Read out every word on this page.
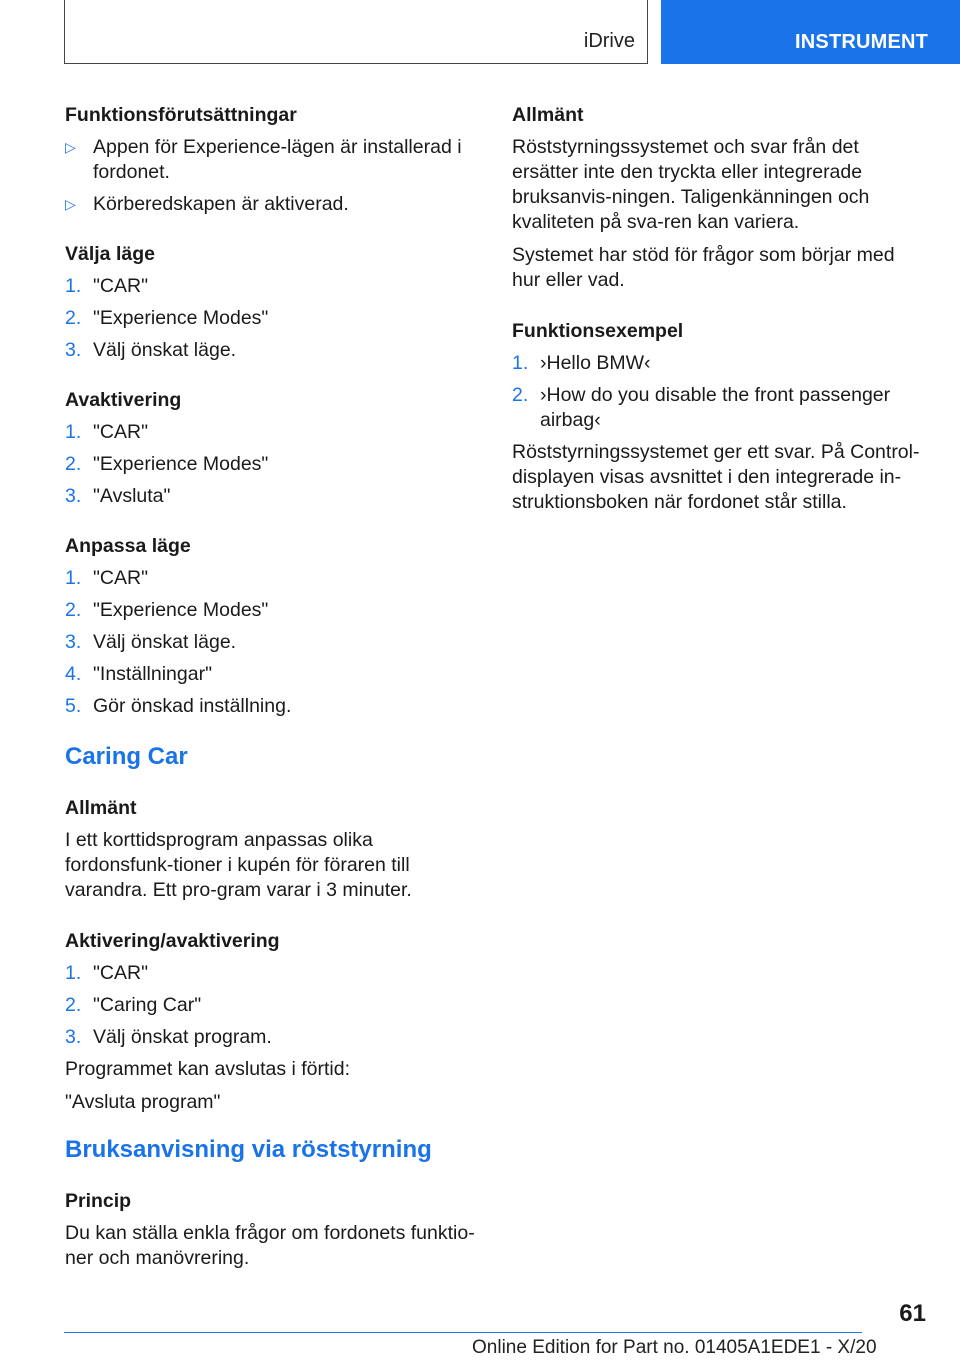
iDrive	INSTRUMENT
Funktionsförutsättningar
▷ Appen för Experience-lägen är installerad i fordonet.
▷ Körberedskapen är aktiverad.
Välja läge
1. "CAR"
2. "Experience Modes"
3. Välj önskat läge.
Avaktivering
1. "CAR"
2. "Experience Modes"
3. "Avsluta"
Anpassa läge
1. "CAR"
2. "Experience Modes"
3. Välj önskat läge.
4. "Inställningar"
5. Gör önskad inställning.
Caring Car
Allmänt

I ett korttidsprogram anpassas olika fordonsfunk-tioner i kupén för föraren till varandra. Ett pro-gram varar i 3 minuter.

Aktivering/avaktivering
1. "CAR"
2. "Caring Car"
3. Välj önskat program.

Programmet kan avslutas i förtid:

"Avsluta program"

Bruksanvisning via röststyrning
Princip

Du kan ställa enkla frågor om fordonets funktio-ner och manövrering.

Allmänt

Röststyrningssystemet och svar från det ersätter inte den tryckta eller integrerade bruksanvis-ningen. Taligenkänningen och kvaliteten på sva-ren kan variera.

Systemet har stöd för frågor som börjar med hur eller vad.

Funktionsexempel
1. ›Hello BMW‹
2. ›How do you disable the front passenger airbag‹

Röststyrningssystemet ger ett svar. På Control-displayen visas avsnittet i den integrerade in-struktionsboken när fordonet står stilla.

61
Online Edition for Part no. 01405A1EDE1 - X/20
